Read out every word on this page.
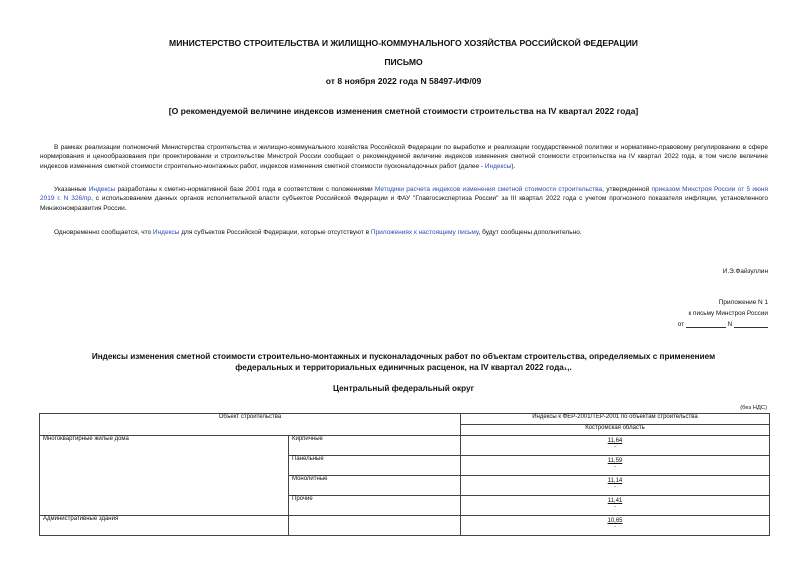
МИНИСТЕРСТВО СТРОИТЕЛЬСТВА И ЖИЛИЩНО-КОММУНАЛЬНОГО ХОЗЯЙСТВА РОССИЙСКОЙ ФЕДЕРАЦИИ
ПИСЬМО
от 8 ноября 2022 года N 58497-ИФ/09
[О рекомендуемой величине индексов изменения сметной стоимости строительства на IV квартал 2022 года]

В рамках реализации полномочий Министерства строительства и жилищно-коммунального хозяйства Российской Федерации по выработке и реализации государственной политики и нормативно-правовому регулированию в сфере нормирования и ценообразования при проектировании и строительстве Минстрой России сообщает о рекомендуемой величине индексов изменения сметной стоимости строительства на IV квартал 2022 года, в том числе величине индексов изменения сметной стоимости строительно-монтажных работ, индексов изменения сметной стоимости пусконаладочных работ (далее - Индексы).

Указанные Индексы разработаны к сметно-нормативной базе 2001 года в соответствии с положениями Методики расчета индексов изменения сметной стоимости строительства, утвержденной приказом Минстроя России от 5 июня 2019 г. N 326/пр, с использованием данных органов исполнительной власти субъектов Российской Федерации и ФАУ "Главгосэкспертиза России" за III квартал 2022 года с учетом прогнозного показателя инфляции, установленного Минэкономразвития России.

Одновременно сообщается, что Индексы для субъектов Российской Федерации, которые отсутствуют в Приложениях к настоящему письму, будут сообщены дополнительно.

И.Э.Файзуллин
Приложение N 1
к письму Минстроя России
от	N
Индексы изменения сметной стоимости строительно-монтажных и пусконаладочных работ по объектам строительства, определяемых с применением
федеральных и территориальных единичных расценок, на IV квартал 2022 года₁,.
Центральный федеральный округ
(без НДС)
Объект строительства		Индексы к ФЕР-2001/ТЕР-2001 по объектам строительства
		Костромская область
Многоквартирные жилые дома	Кирпичные	11,64
-

	Панельные	11,59
-

	Монолитные	11,14
-

	Прочие	11,41
-

Административные здания		10,65
-
